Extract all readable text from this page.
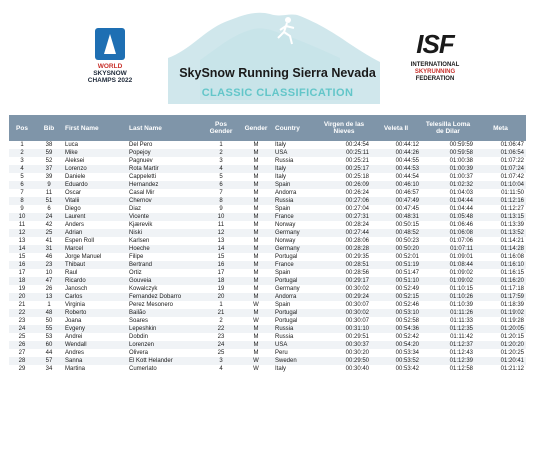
WORLD
SKYSNOW
CHAMPS 2022
SkySnow Running Sierra Nevada
CLASSIC CLASSIFICATION
ISF
INTERNATIONAL
SKYRUNNING
FEDERATION
Pos	Bib	First Name	Last Name	Pos Gender	Gender	Country	Virgen de las Nieves	Veleta II	Telesilla Loma de Dilar	Meta
1	38	Luca	Del Pero	1	M	Italy	00:24:54	00:44:12	00:59:59	01:06:47
2	59	Mike	Popejoy	2	M	USA	00:25:11	00:44:26	00:59:58	01:06:54
3	52	Aleksei	Pagnuev	3	M	Russia	00:25:21	00:44:55	01:00:38	01:07:22
4	37	Lorenzo	Rota Martir	4	M	Italy	00:25:17	00:44:53	01:00:39	01:07:24
5	39	Daniele	Cappeletti	5	M	Italy	00:25:18	00:44:54	01:00:37	01:07:42
6	9	Eduardo	Hernandez	6	M	Spain	00:26:09	00:46:10	01:02:32	01:10:04
7	11	Oscar	Casal Mir	7	M	Andorra	00:26:24	00:46:57	01:04:03	01:11:50
8	51	Vitalii	Chernov	8	M	Russia	00:27:06	00:47:49	01:04:44	01:12:16
9	6	Diego	Diaz	9	M	Spain	00:27:04	00:47:45	01:04:44	01:12:27
10	24	Laurent	Vicente	10	M	France	00:27:31	00:48:31	01:05:48	01:13:15
11	42	Anders	Kjærevik	11	M	Norway	00:28:24	00:50:15	01:06:46	01:13:39
12	25	Adrian	Niski	12	M	Germany	00:27:44	00:48:52	01:06:08	01:13:52
13	41	Espen Roll	Karlsen	13	M	Norway	00:28:06	00:50:23	01:07:06	01:14:21
14	31	Marcel	Hoeche	14	M	Germany	00:28:28	00:50:20	01:07:11	01:14:28
15	46	Jorge Manuel	Filipe	15	M	Portugal	00:29:35	00:52:01	01:09:01	01:16:08
16	23	Thibaut	Bertrand	16	M	France	00:28:51	00:51:19	01:08:44	01:16:10
17	10	Raul	Ortiz	17	M	Spain	00:28:56	00:51:47	01:09:02	01:16:15
18	47	Ricardo	Gouveia	18	M	Portugal	00:29:17	00:51:10	01:09:02	01:16:20
19	26	Janosch	Kowalczyk	19	M	Germany	00:30:02	00:52:49	01:10:15	01:17:18
20	13	Carlos	Fernandez Dobarro	20	M	Andorra	00:29:24	00:52:15	01:10:26	01:17:59
21	1	Virginia	Perez Mesonero	1	W	Spain	00:30:07	00:52:46	01:10:39	01:18:39
22	48	Roberto	Bailão	21	M	Portugal	00:30:02	00:53:10	01:11:26	01:19:02
23	50	Joana	Soares	2	W	Portugal	00:30:07	00:52:58	01:11:33	01:19:28
24	55	Evgeny	Lepeshkin	22	M	Russia	00:31:10	00:54:36	01:12:35	01:20:05
25	53	Andrei	Dobdin	23	M	Russia	00:29:51	00:52:42	01:11:42	01:20:15
26	60	Wendall	Lorenzen	24	M	USA	00:30:37	00:54:20	01:12:37	01:20:20
27	44	Andres	Olivera	25	M	Peru	00:30:20	00:53:34	01:12:43	01:20:25
28	57	Sanna	El Kott Helander	3	W	Sweden	00:29:50	00:53:52	01:12:39	01:20:41
29	34	Martina	Cumerlato	4	W	Italy	00:30:40	00:53:42	01:12:58	01:21:12
